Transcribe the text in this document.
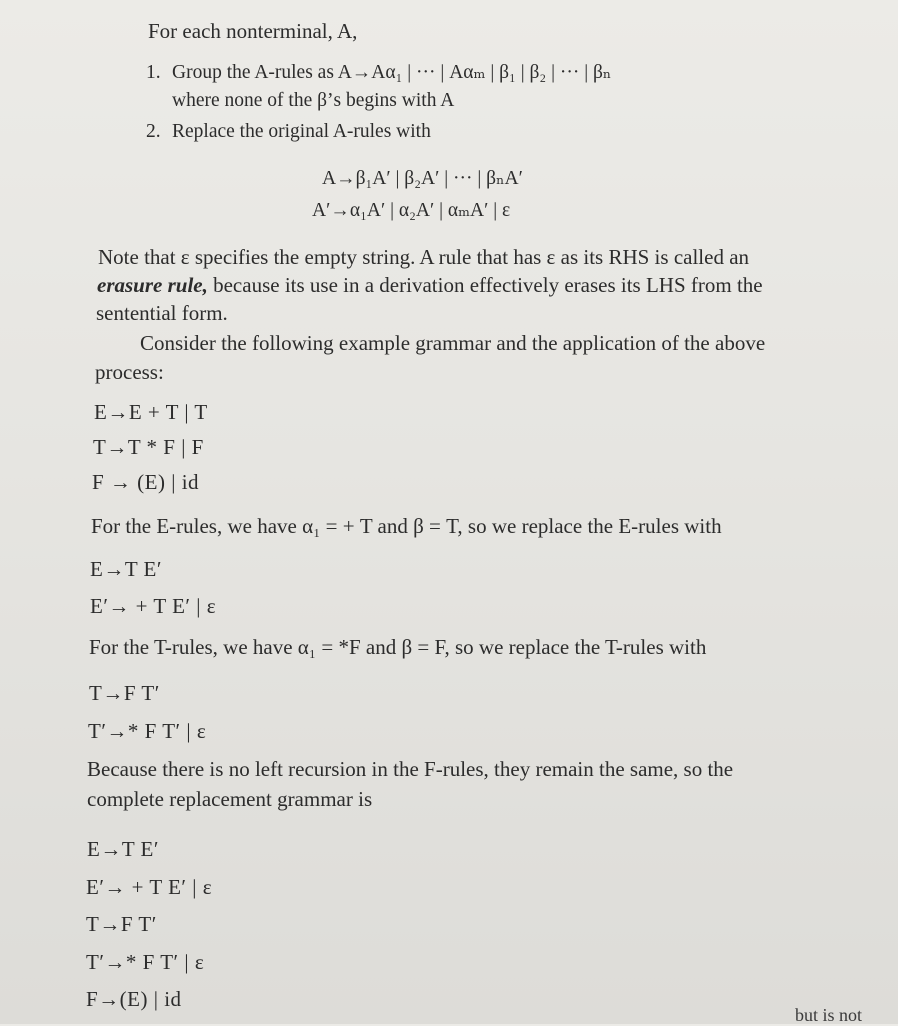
For each nonterminal, A,
1. Group the A-rules as A→Aα₁ | ··· | Aαₘ | β₁ | β₂ | ··· | βₙ
where none of the β’s begins with A
2. Replace the original A-rules with
A→β₁A′ | β₂A′ | ··· | βₙA′
A′→α₁A′ | α₂A′ | αₘA′ | ε
Note that ε specifies the empty string. A rule that has ε as its RHS is called an
erasure rule, because its use in a derivation effectively erases its LHS from the
sentential form.
Consider the following example grammar and the application of the above
process:
E→E + T | T
T→T * F | F
F → (E) | id
For the E-rules, we have α₁ = + T and β = T, so we replace the E-rules with
E→T E′
E′→ + T E′ | ε
For the T-rules, we have α₁ = *F and β = F, so we replace the T-rules with
T→F T′
T′→* F T′ | ε
Because there is no left recursion in the F-rules, they remain the same, so the
complete replacement grammar is
E→T E′
E′→ + T E′ | ε
T→F T′
T′→* F T′ | ε
F→(E) | id
but is not
